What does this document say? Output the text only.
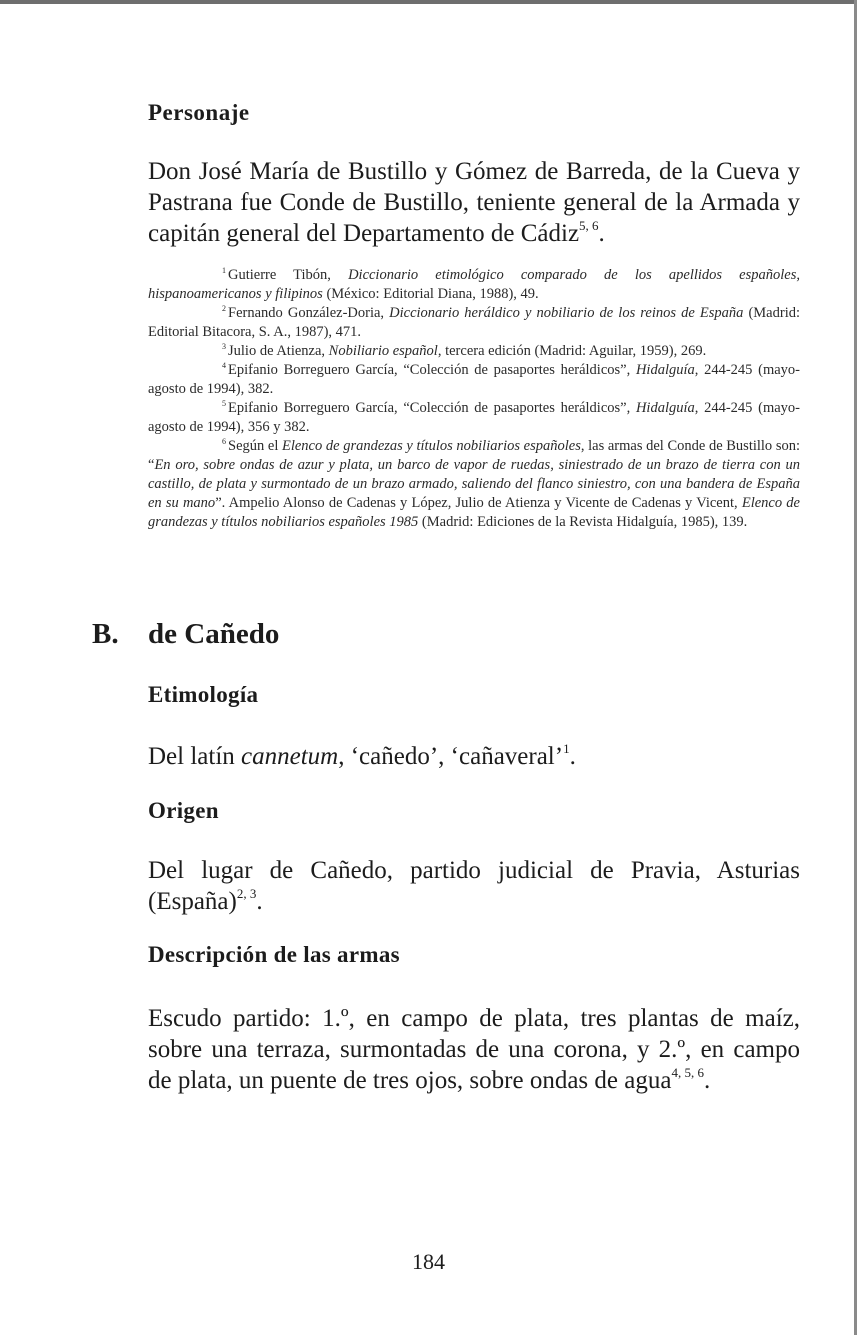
Personaje

Don José María de Bustillo y Gómez de Barreda, de la Cueva y Pastrana fue Conde de Bustillo, teniente general de la Armada y capitán general del Departamento de Cádiz$^{5, 6}$.

$^1$ Gutierre Tibón, Diccionario etimológico comparado de los apellidos españoles, hispanoamericanos y filipinos (México: Editorial Diana, 1988), 49.

$^2$ Fernando González-Doria, Diccionario heráldico y nobiliario de los reinos de España (Madrid: Editorial Bitacora, S. A., 1987), 471.

$^3$ Julio de Atienza, Nobiliario español, tercera edición (Madrid: Aguilar, 1959), 269.

$^4$ Epifanio Borreguero García, “Colección de pasaportes heráldicos”, Hidalguía, 244-245 (mayo-agosto de 1994), 382.

$^5$ Epifanio Borreguero García, “Colección de pasaportes heráldicos”, Hidalguía, 244-245 (mayo-agosto de 1994), 356 y 382.

$^6$ Según el Elenco de grandezas y títulos nobiliarios españoles, las armas del Conde de Bustillo son: “En oro, sobre ondas de azur y plata, un barco de vapor de ruedas, siniestrado de un brazo de tierra con un castillo, de plata y surmontado de un brazo armado, saliendo del flanco siniestro, con una bandera de España en su mano”. Ampelio Alonso de Cadenas y López, Julio de Atienza y Vicente de Cadenas y Vicent, Elenco de grandezas y títulos nobiliarios españoles 1985 (Madrid: Ediciones de la Revista Hidalguía, 1985), 139.

B. de Cañedo
Etimología

Del latín cannetum, ‘cañedo’, ‘cañaveral’$^1$.

Origen

Del lugar de Cañedo, partido judicial de Pravia, Asturias (España)$^{2, 3}$.

Descripción de las armas

Escudo partido: 1.º, en campo de plata, tres plantas de maíz, sobre una terraza, surmontadas de una corona, y 2.º, en campo de plata, un puente de tres ojos, sobre ondas de agua$^{4, 5, 6}$.

184
